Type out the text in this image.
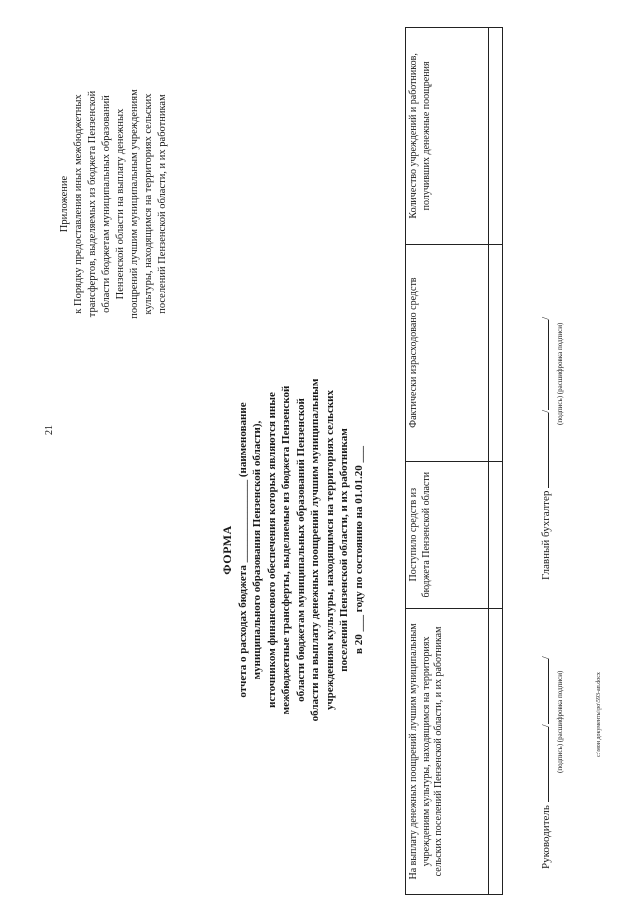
21
Приложение к Порядку предоставления иных межбюджетных трансфертов, выделяемых из бюджета Пензенской области бюджетам муниципальных образований Пензенской области на выплату денежных поощрений лучшим муниципальным учреждениям культуры, находящимся на территориях сельских поселений Пензенской области, и их работникам
ФОРМА отчета о расходах бюджета _______________ (наименование муниципального образования Пензенской области), источником финансового обеспечения которых являются иные межбюджетные трансферты, выделяемые из бюджета Пензенской области бюджетам муниципальных образований Пензенской области на выплату денежных поощрений лучшим муниципальным учреждениям культуры, находящимся на территориях сельских поселений Пензенской области, и их работникам в 20 ___ году по состоянию на 01.01.20 ___
На выплату денежных поощрений лучшим муниципальным учреждениям культуры, находящимся на территориях сельских поселений Пензенской области, и их работникам	Поступило средств из бюджета Пензенской области	Фактически израсходовано средств	Количество учреждений и работников, получивших денежные поощрения

Руководитель //
(подпись) (расшифровка подписи)
Главный бухгалтер //
(подпись) (расшифровка подписи)
c:\мои документы\ро\593-ап.docx
